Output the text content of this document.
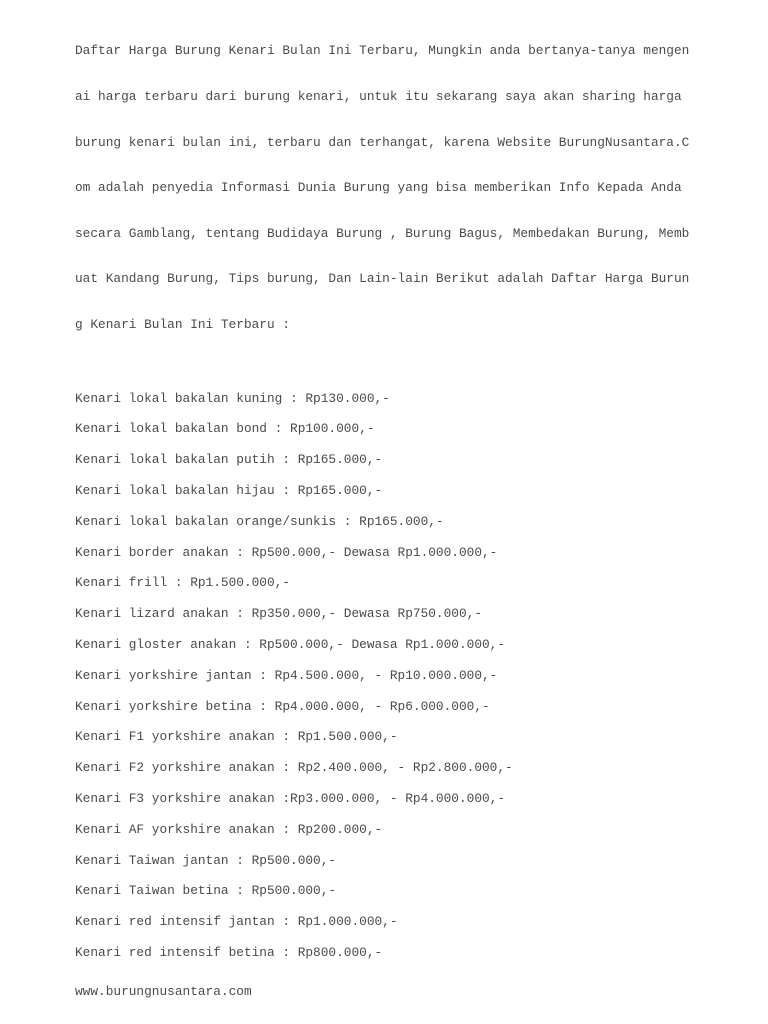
Daftar Harga Burung Kenari Bulan Ini Terbaru, Mungkin anda bertanya-tanya mengen

ai harga terbaru dari burung kenari, untuk itu sekarang saya akan sharing harga

burung kenari bulan ini, terbaru dan terhangat, karena Website BurungNusantara.C

om adalah penyedia Informasi Dunia Burung yang bisa memberikan Info Kepada Anda

secara Gamblang, tentang Budidaya Burung , Burung Bagus, Membedakan Burung, Memb

uat Kandang Burung, Tips burung, Dan Lain-lain Berikut adalah Daftar Harga Burun

g Kenari Bulan Ini Terbaru :

Kenari lokal bakalan kuning : Rp130.000,-
Kenari lokal bakalan bond : Rp100.000,-
Kenari lokal bakalan putih : Rp165.000,-
Kenari lokal bakalan hijau : Rp165.000,-
Kenari lokal bakalan orange/sunkis : Rp165.000,-
Kenari border anakan : Rp500.000,- Dewasa Rp1.000.000,-
Kenari frill : Rp1.500.000,-
Kenari lizard anakan : Rp350.000,- Dewasa Rp750.000,-
Kenari gloster anakan : Rp500.000,- Dewasa Rp1.000.000,-
Kenari yorkshire jantan : Rp4.500.000, - Rp10.000.000,-
Kenari yorkshire betina : Rp4.000.000, - Rp6.000.000,-
Kenari F1 yorkshire anakan : Rp1.500.000,-
Kenari F2 yorkshire anakan : Rp2.400.000, - Rp2.800.000,-
Kenari F3 yorkshire anakan :Rp3.000.000, - Rp4.000.000,-
Kenari AF yorkshire anakan : Rp200.000,-
Kenari Taiwan jantan : Rp500.000,-
Kenari Taiwan betina : Rp500.000,-
Kenari red intensif jantan : Rp1.000.000,-
Kenari red intensif betina : Rp800.000,-
www.burungnusantara.com
